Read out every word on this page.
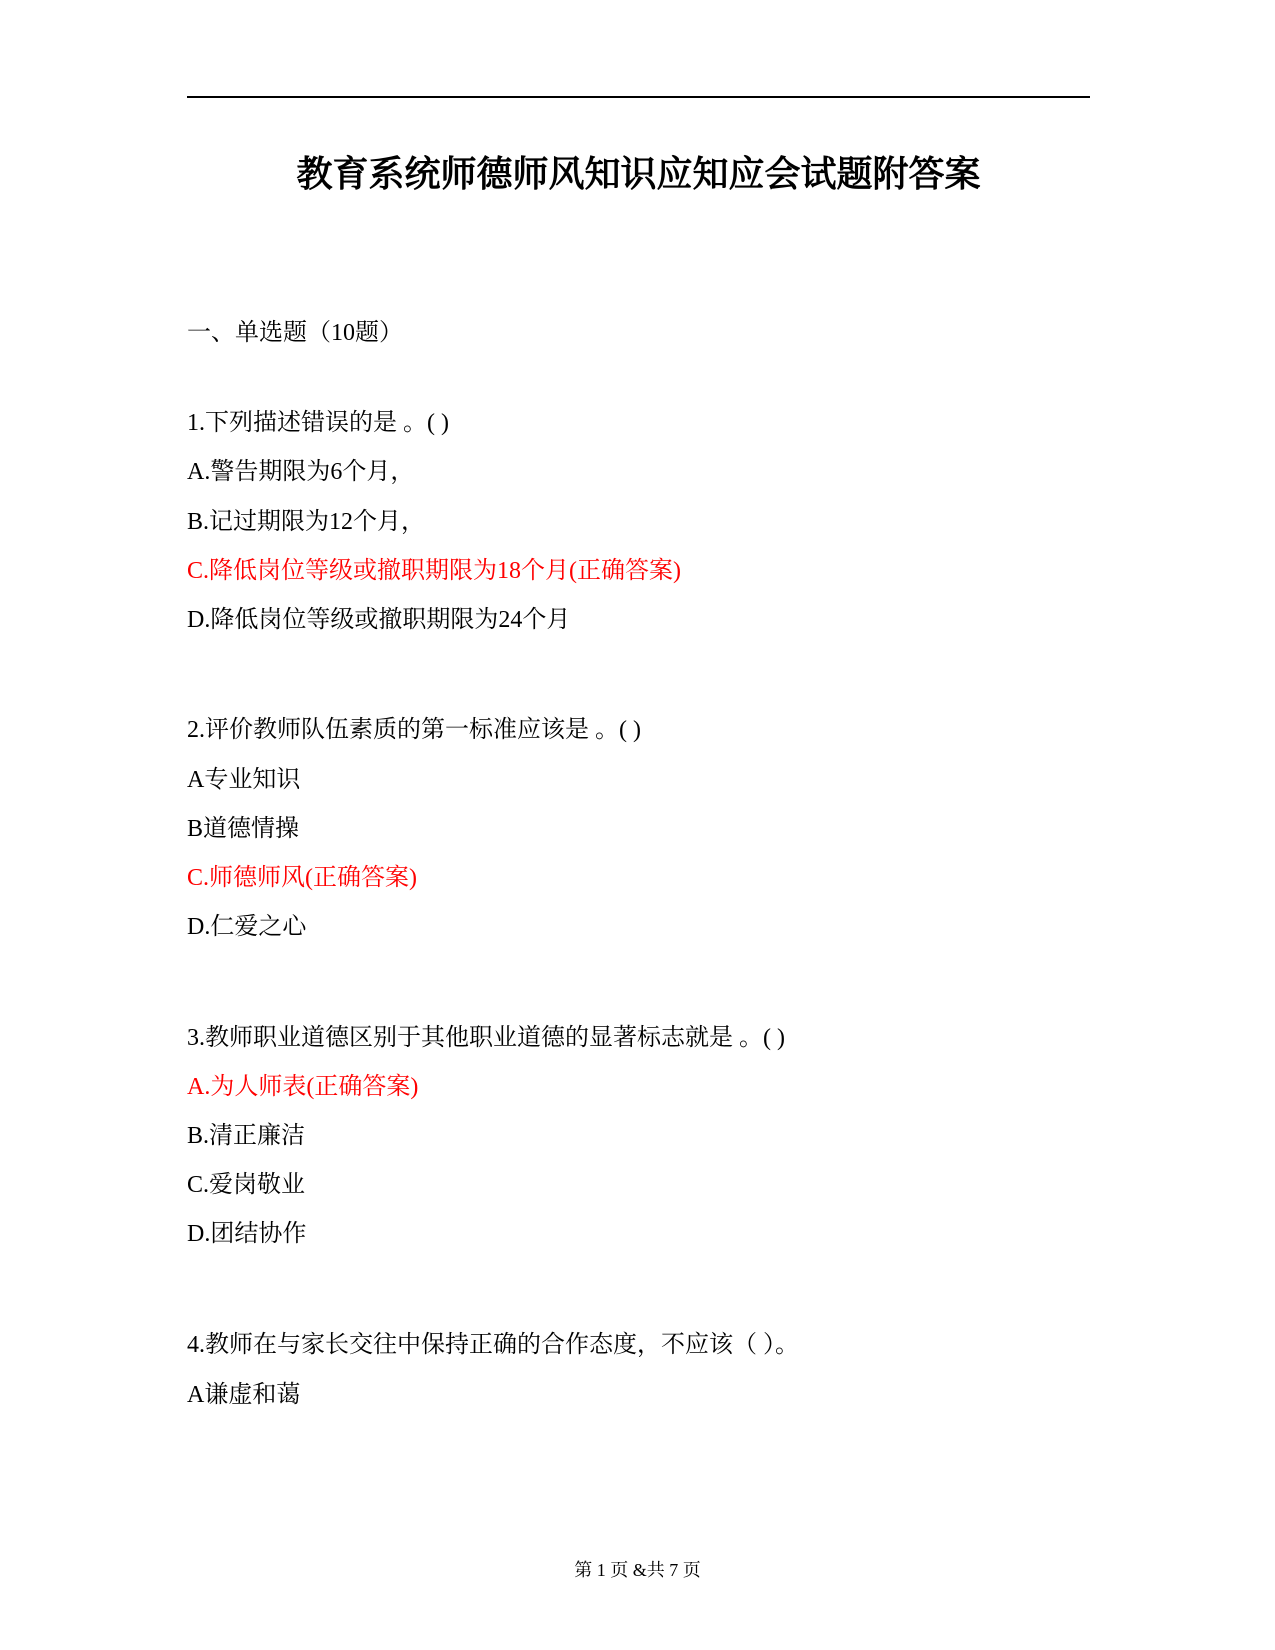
教育系统师德师风知识应知应会试题附答案
一、单选题（10题）
1.下列描述错误的是 。( )
A.警告期限为6个月，
B.记过期限为12个月，
C.降低岗位等级或撤职期限为18个月(正确答案)
D.降低岗位等级或撤职期限为24个月
2.评价教师队伍素质的第一标准应该是 。( )
A专业知识
B道德情操
C.师德师风(正确答案)
D.仁爱之心
3.教师职业道德区别于其他职业道德的显著标志就是 。( )
A.为人师表(正确答案)
B.清正廉洁
C.爱岗敬业
D.团结协作
4.教师在与家长交往中保持正确的合作态度，不应该（ ）。
A谦虚和蔼
第 1 页 &共 7 页
